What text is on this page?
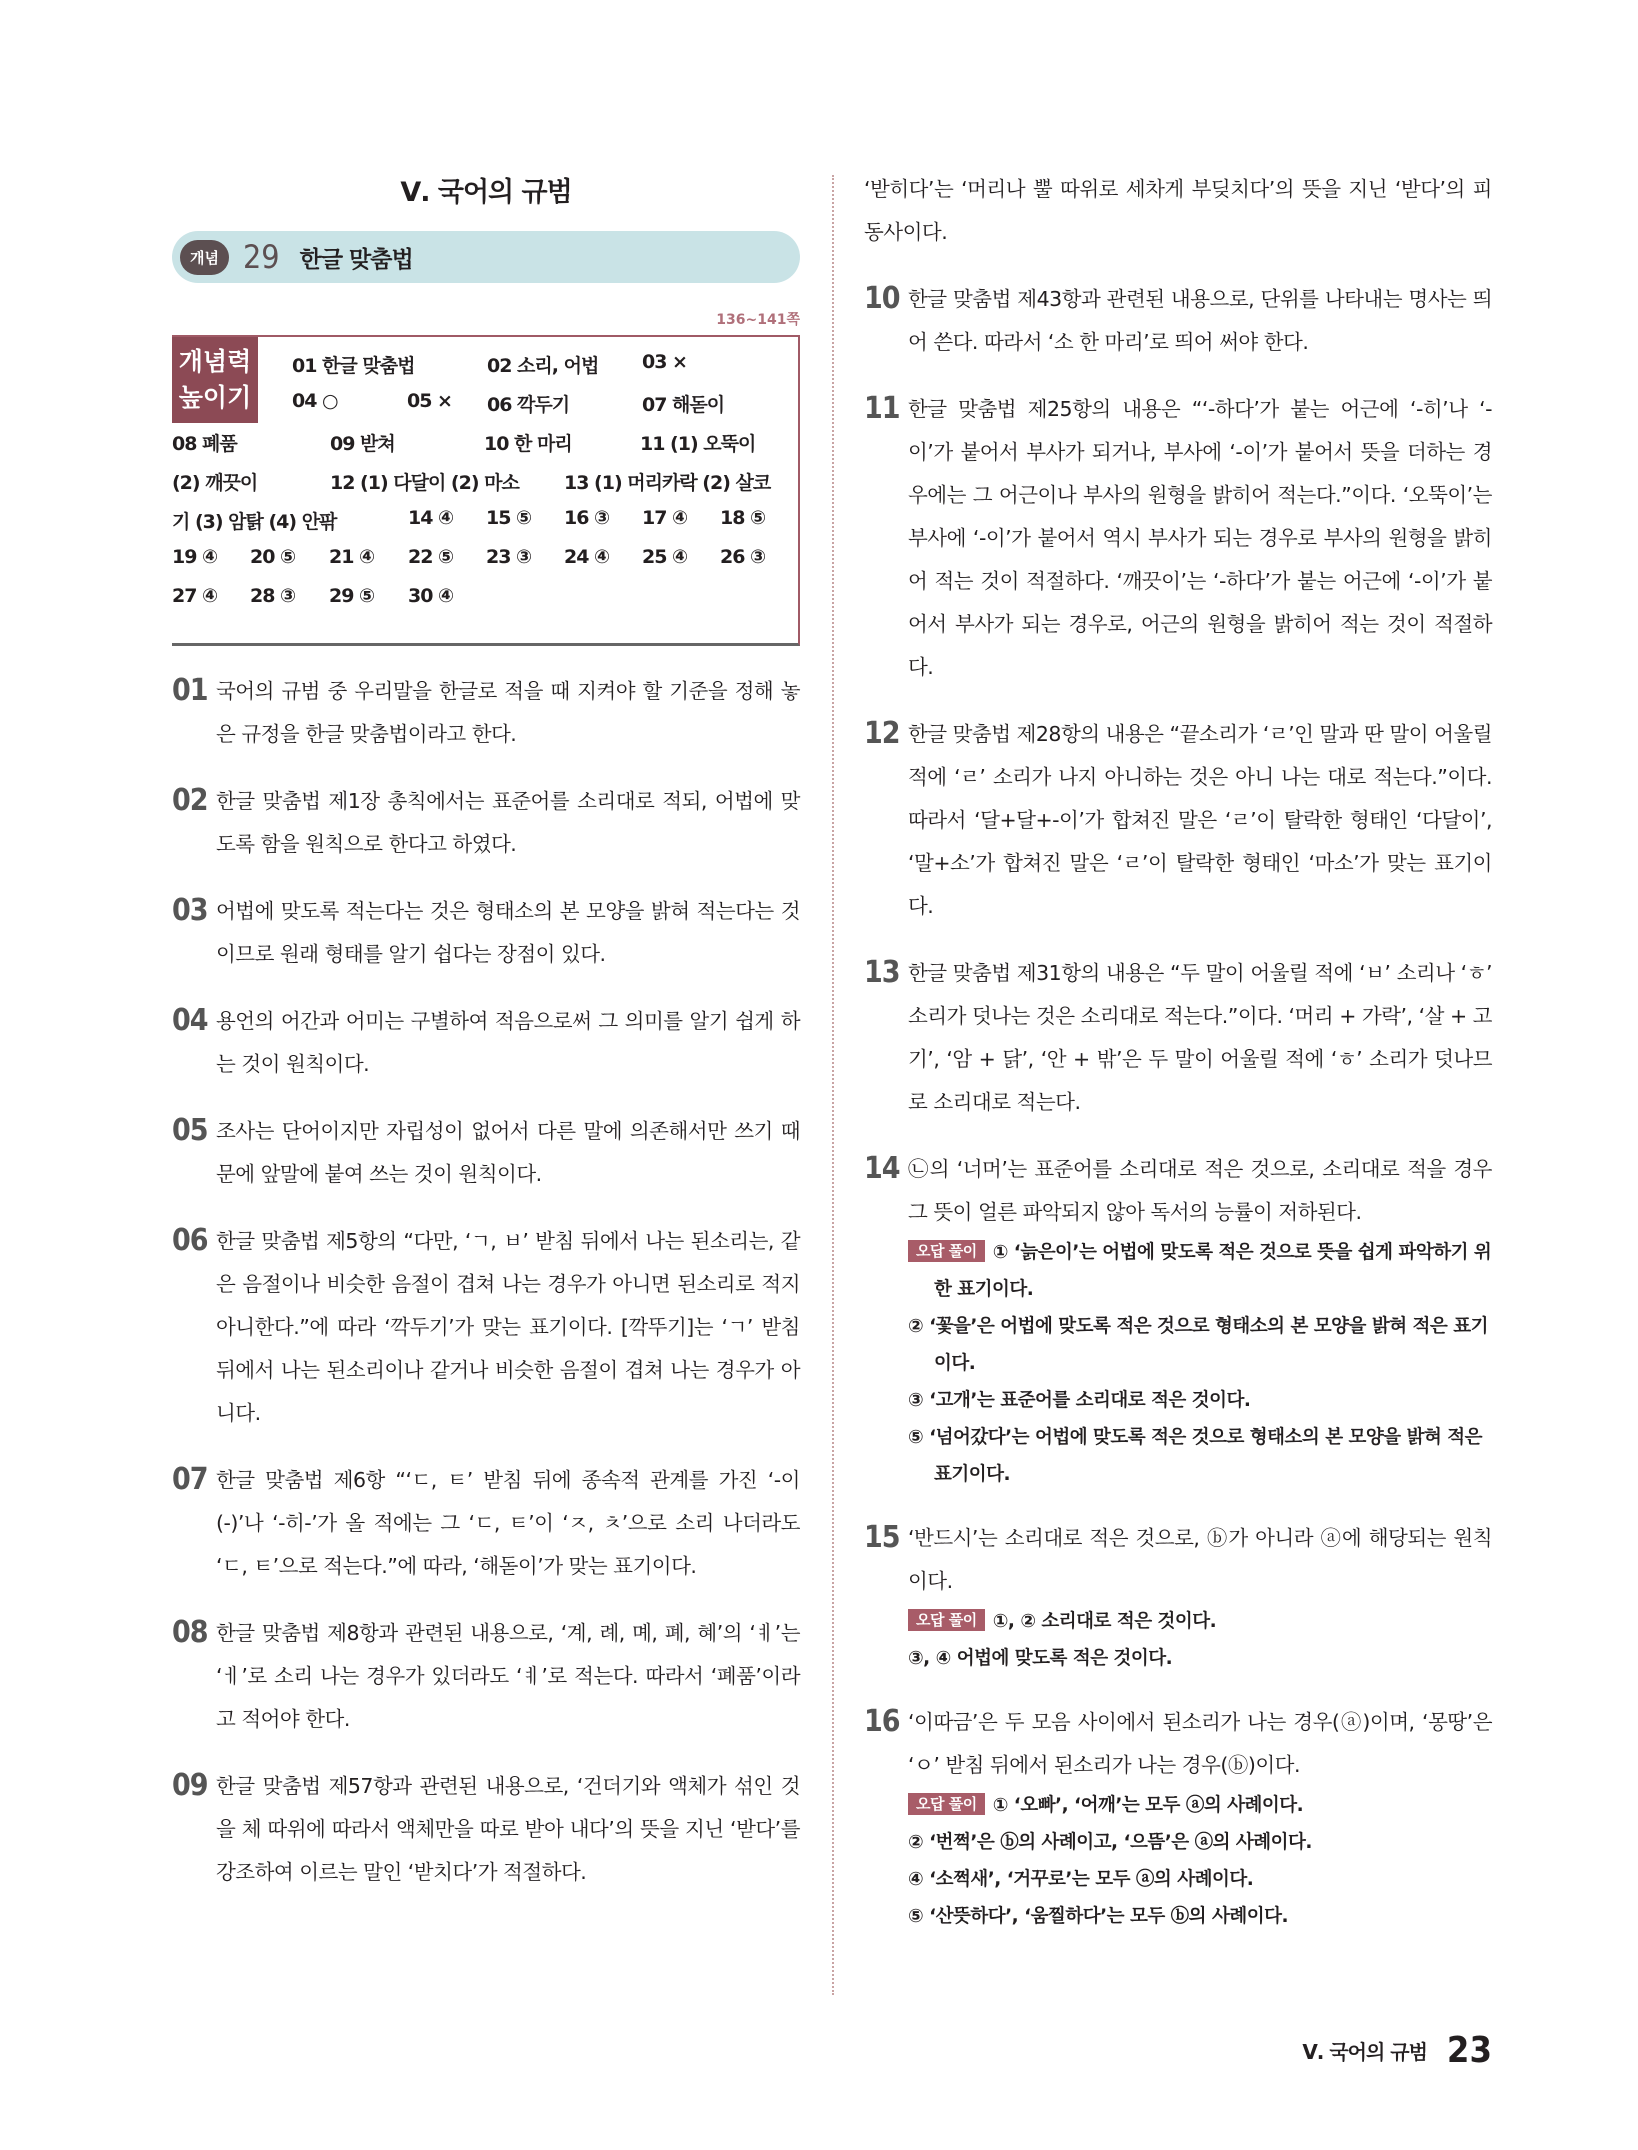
Ⅴ. 국어의 규범
개념 29 한글 맞춤법
136~141쪽
개념력 높이기
01 한글 맞춤법	02 소리, 어법 03 ×
04 ○	05 × 06 깍두기	07 해돋이
08 폐품	09 받쳐	10 한 마리	11 (1) 오뚝이
(2) 깨끗이	12 (1) 다달이 (2) 마소 13 (1) 머리카락 (2) 살코
기 (3) 암탉 (4) 안팎	14 ④ 15 ⑤ 16 ③ 17 ④ 18 ⑤
19 ④ 20 ⑤ 21 ④ 22 ⑤ 23 ③ 24 ④ 25 ④ 26 ③
27 ④ 28 ③ 29 ⑤ 30 ④
01 국어의 규범 중 우리말을 한글로 적을 때 지켜야 할 기준을 정해 놓은 규정을 한글 맞춤법이라고 한다.
02 한글 맞춤법 제1장 총칙에서는 표준어를 소리대로 적되, 어법에 맞도록 함을 원칙으로 한다고 하였다.
03 어법에 맞도록 적는다는 것은 형태소의 본 모양을 밝혀 적는다는 것이므로 원래 형태를 알기 쉽다는 장점이 있다.
04 용언의 어간과 어미는 구별하여 적음으로써 그 의미를 알기 쉽게 하는 것이 원칙이다.
05 조사는 단어이지만 자립성이 없어서 다른 말에 의존해서만 쓰기 때문에 앞말에 붙여 쓰는 것이 원칙이다.
06 한글 맞춤법 제5항의 “다만, ‘ㄱ, ㅂ’ 받침 뒤에서 나는 된소리는, 같은 음절이나 비슷한 음절이 겹쳐 나는 경우가 아니면 된소리로 적지 아니한다.”에 따라 ‘깍두기’가 맞는 표기이다. [깍뚜기]는 ‘ㄱ’ 받침 뒤에서 나는 된소리이나 같거나 비슷한 음절이 겹쳐 나는 경우가 아니다.
07 한글 맞춤법 제6항 “‘ㄷ, ㅌ’ 받침 뒤에 종속적 관계를 가진 ‘-이(-)’나 ‘-히-’가 올 적에는 그 ‘ㄷ, ㅌ’이 ‘ㅈ, ㅊ’으로 소리 나더라도 ‘ㄷ, ㅌ’으로 적는다.”에 따라, ‘해돋이’가 맞는 표기이다.
08 한글 맞춤법 제8항과 관련된 내용으로, ‘계, 례, 몌, 폐, 혜’의 ‘ㅖ’는 ‘ㅔ’로 소리 나는 경우가 있더라도 ‘ㅖ’로 적는다. 따라서 ‘폐품’이라고 적어야 한다.
09 한글 맞춤법 제57항과 관련된 내용으로, ‘건더기와 액체가 섞인 것을 체 따위에 따라서 액체만을 따로 받아 내다’의 뜻을 지닌 ‘받다’를 강조하여 이르는 말인 ‘받치다’가 적절하다.
‘받히다’는 ‘머리나 뿔 따위로 세차게 부딪치다’의 뜻을 지닌 ‘받다’의 피동사이다.
10 한글 맞춤법 제43항과 관련된 내용으로, 단위를 나타내는 명사는 띄어 쓴다. 따라서 ‘소 한 마리’로 띄어 써야 한다.
11 한글 맞춤법 제25항의 내용은 “‘-하다’가 붙는 어근에 ‘-히’나 ‘-이’가 붙어서 부사가 되거나, 부사에 ‘-이’가 붙어서 뜻을 더하는 경우에는 그 어근이나 부사의 원형을 밝히어 적는다.”이다. ‘오뚝이’는 부사에 ‘-이’가 붙어서 역시 부사가 되는 경우로 부사의 원형을 밝히어 적는 것이 적절하다. ‘깨끗이’는 ‘-하다’가 붙는 어근에 ‘-이’가 붙어서 부사가 되는 경우로, 어근의 원형을 밝히어 적는 것이 적절하다.
12 한글 맞춤법 제28항의 내용은 “끝소리가 ‘ㄹ’인 말과 딴 말이 어울릴 적에 ‘ㄹ’ 소리가 나지 아니하는 것은 아니 나는 대로 적는다.”이다. 따라서 ‘달+달+-이’가 합쳐진 말은 ‘ㄹ’이 탈락한 형태인 ‘다달이’, ‘말+소’가 합쳐진 말은 ‘ㄹ’이 탈락한 형태인 ‘마소’가 맞는 표기이다.
13 한글 맞춤법 제31항의 내용은 “두 말이 어울릴 적에 ‘ㅂ’ 소리나 ‘ㅎ’ 소리가 덧나는 것은 소리대로 적는다.”이다. ‘머리 + 가락’, ‘살 + 고기’, ‘암 + 닭’, ‘안 + 밖’은 두 말이 어울릴 적에 ‘ㅎ’ 소리가 덧나므로 소리대로 적는다.
14 ㉡의 ‘너머’는 표준어를 소리대로 적은 것으로, 소리대로 적을 경우 그 뜻이 얼른 파악되지 않아 독서의 능률이 저하된다.
오답 풀이 ① ‘늙은이’는 어법에 맞도록 적은 것으로 뜻을 쉽게 파악하기 위한 표기이다.
② ‘꽃을’은 어법에 맞도록 적은 것으로 형태소의 본 모양을 밝혀 적은 표기이다.
③ ‘고개’는 표준어를 소리대로 적은 것이다.
⑤ ‘넘어갔다’는 어법에 맞도록 적은 것으로 형태소의 본 모양을 밝혀 적은 표기이다.
15 ‘반드시’는 소리대로 적은 것으로, ⓑ가 아니라 ⓐ에 해당되는 원칙이다.
오답 풀이 ①, ② 소리대로 적은 것이다.
③, ④ 어법에 맞도록 적은 것이다.
16 ‘이따금’은 두 모음 사이에서 된소리가 나는 경우(ⓐ)이며, ‘몽땅’은 ‘ㅇ’ 받침 뒤에서 된소리가 나는 경우(ⓑ)이다.
오답 풀이 ① ‘오빠’, ‘어깨’는 모두 ⓐ의 사례이다.
② ‘번쩍’은 ⓑ의 사례이고, ‘으뜸’은 ⓐ의 사례이다.
④ ‘소쩍새’, ‘거꾸로’는 모두 ⓐ의 사례이다.
⑤ ‘산뜻하다’, ‘움찔하다’는 모두 ⓑ의 사례이다.
Ⅴ. 국어의 규범 23
